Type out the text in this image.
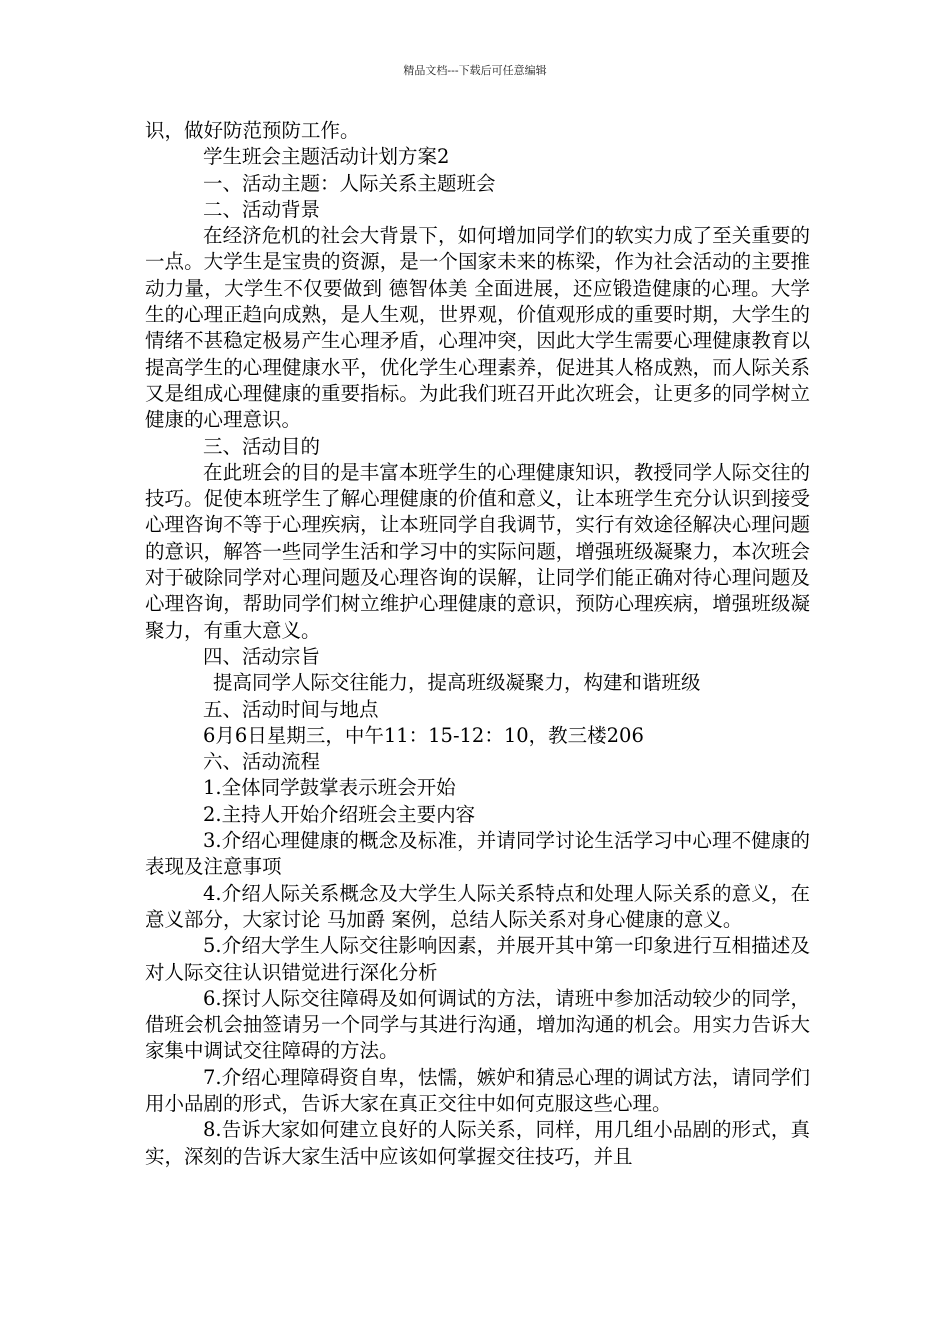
精品文档---下载后可任意编辑

识，做好防范预防工作。

学生班会主题活动计划方案2

一、活动主题：人际关系主题班会

二、活动背景

在经济危机的社会大背景下，如何增加同学们的软实力成了至关重要的一点。大学生是宝贵的资源，是一个国家未来的栋梁，作为社会活动的主要推动力量，大学生不仅要做到 德智体美 全面进展，还应锻造健康的心理。大学生的心理正趋向成熟，是人生观，世界观，价值观形成的重要时期，大学生的情绪不甚稳定极易产生心理矛盾，心理冲突，因此大学生需要心理健康教育以提高学生的心理健康水平，优化学生心理素养，促进其人格成熟，而人际关系又是组成心理健康的重要指标。为此我们班召开此次班会，让更多的同学树立健康的心理意识。

三、活动目的

在此班会的目的是丰富本班学生的心理健康知识，教授同学人际交往的技巧。促使本班学生了解心理健康的价值和意义，让本班学生充分认识到接受心理咨询不等于心理疾病，让本班同学自我调节，实行有效途径解决心理问题的意识，解答一些同学生活和学习中的实际问题，增强班级凝聚力，本次班会对于破除同学对心理问题及心理咨询的误解，让同学们能正确对待心理问题及心理咨询，帮助同学们树立维护心理健康的意识，预防心理疾病，增强班级凝聚力，有重大意义。

四、活动宗旨

提高同学人际交往能力，提高班级凝聚力，构建和谐班级

五、活动时间与地点

6月6日星期三，中午11：15-12：10，教三楼206

六、活动流程

1.全体同学鼓掌表示班会开始

2.主持人开始介绍班会主要内容

3.介绍心理健康的概念及标准，并请同学讨论生活学习中心理不健康的表现及注意事项

4.介绍人际关系概念及大学生人际关系特点和处理人际关系的意义，在意义部分，大家讨论 马加爵 案例，总结人际关系对身心健康的意义。

5.介绍大学生人际交往影响因素，并展开其中第一印象进行互相描述及对人际交往认识错觉进行深化分析

6.探讨人际交往障碍及如何调试的方法，请班中参加活动较少的同学，借班会机会抽签请另一个同学与其进行沟通，增加沟通的机会。用实力告诉大家集中调试交往障碍的方法。

7.介绍心理障碍资自卑，怯懦，嫉妒和猜忌心理的调试方法，请同学们用小品剧的形式，告诉大家在真正交往中如何克服这些心理。

8.告诉大家如何建立良好的人际关系，同样，用几组小品剧的形式，真实，深刻的告诉大家生活中应该如何掌握交往技巧，并且
